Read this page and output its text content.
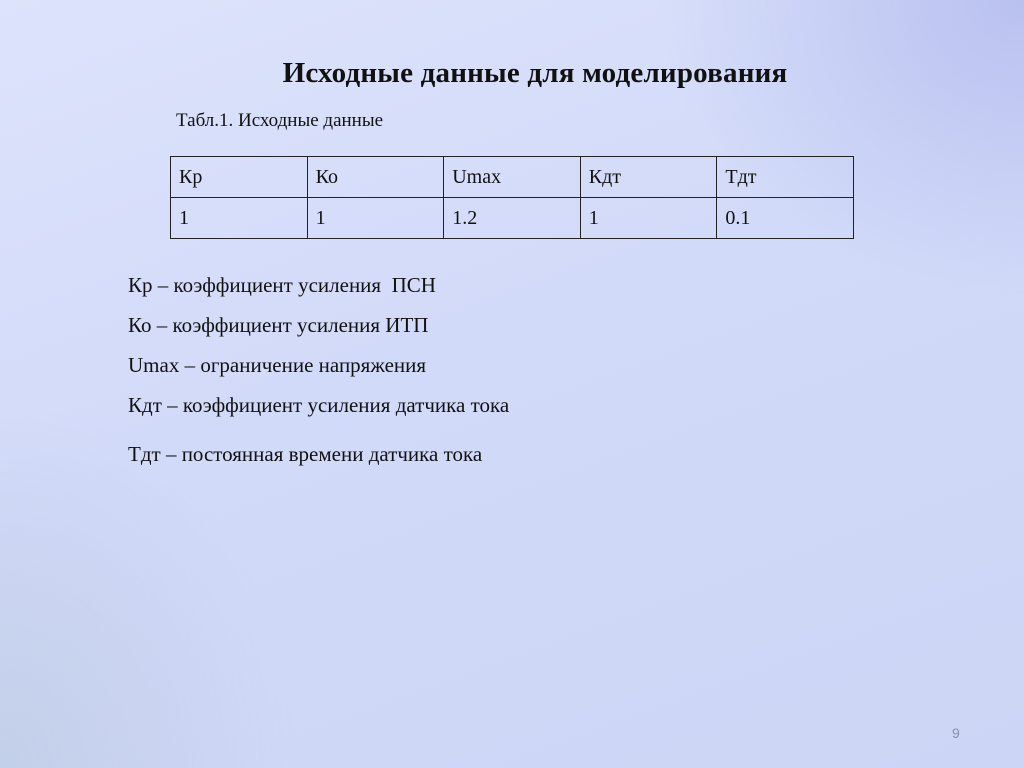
Исходные данные для моделирования
Табл.1. Исходные данные
Кр	Ко	Umax	Кдт	Тдт
1	1	1.2	1	0.1
Кр – коэффициент усиления  ПСН
Ко – коэффициент усиления ИТП
Umax – ограничение напряжения
Кдт – коэффициент усиления датчика тока
Тдт – постоянная времени датчика тока
9
